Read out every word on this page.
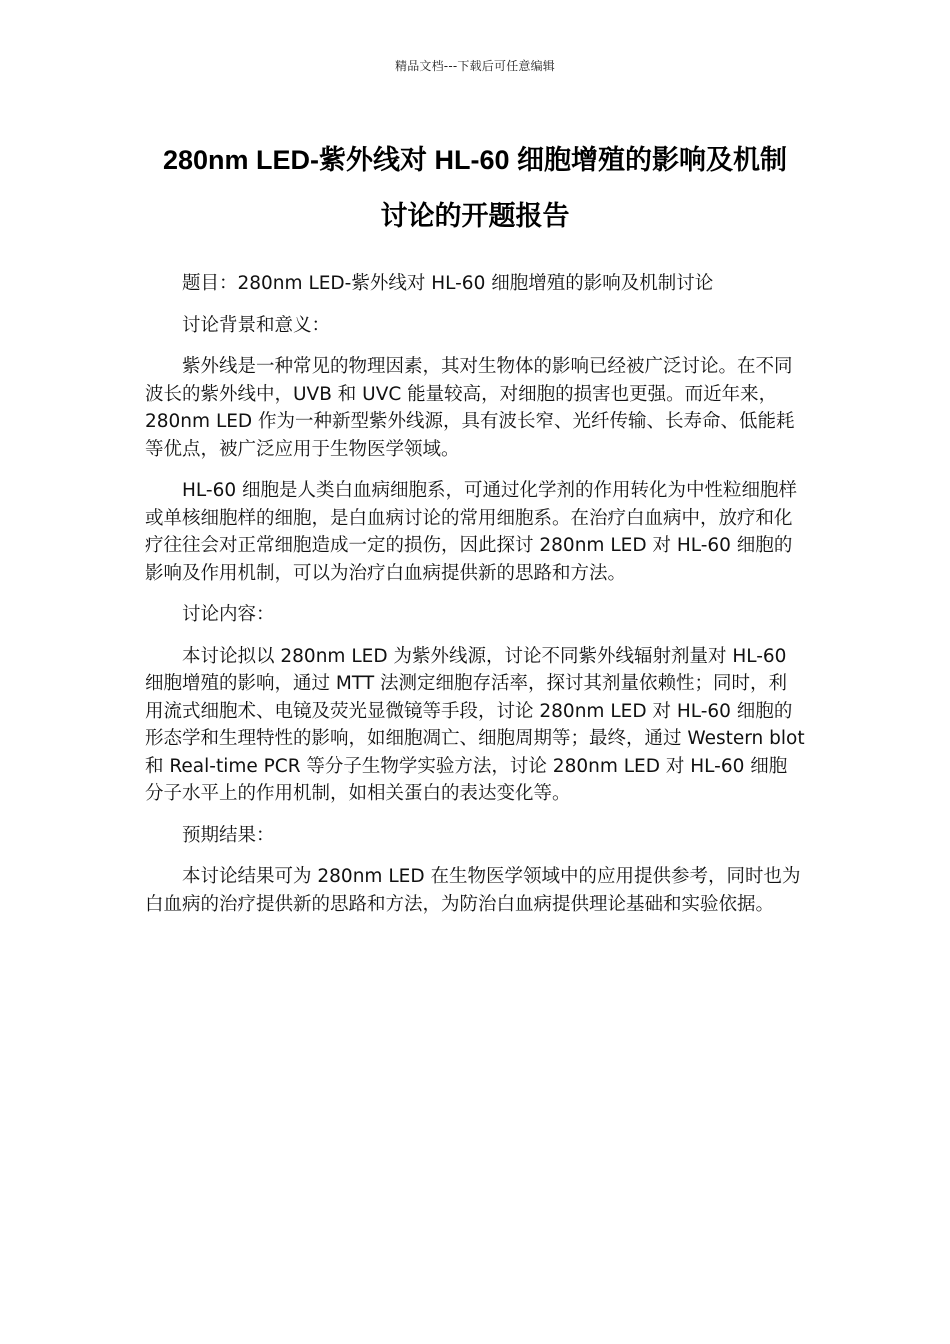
精品文档---下载后可任意编辑
280nm LED-紫外线对 HL-60 细胞增殖的影响及机制
讨论的开题报告

题目：280nm LED-紫外线对 HL-60 细胞增殖的影响及机制讨论

讨论背景和意义：

紫外线是一种常见的物理因素，其对生物体的影响已经被广泛讨论。在不同波长的紫外线中，UVB 和 UVC 能量较高，对细胞的损害也更强。而近年来，280nm LED 作为一种新型紫外线源，具有波长窄、光纤传输、长寿命、低能耗等优点，被广泛应用于生物医学领域。

HL-60 细胞是人类白血病细胞系，可通过化学剂的作用转化为中性粒细胞样或单核细胞样的细胞，是白血病讨论的常用细胞系。在治疗白血病中，放疗和化疗往往会对正常细胞造成一定的损伤，因此探讨 280nm LED 对 HL-60 细胞的影响及作用机制，可以为治疗白血病提供新的思路和方法。

讨论内容：

本讨论拟以 280nm LED 为紫外线源，讨论不同紫外线辐射剂量对 HL-60 细胞增殖的影响，通过 MTT 法测定细胞存活率，探讨其剂量依赖性；同时，利用流式细胞术、电镜及荧光显微镜等手段，讨论 280nm LED 对 HL-60 细胞的形态学和生理特性的影响，如细胞凋亡、细胞周期等；最终，通过 Western blot 和 Real-time PCR 等分子生物学实验方法，讨论 280nm LED 对 HL-60 细胞分子水平上的作用机制，如相关蛋白的表达变化等。

预期结果：

本讨论结果可为 280nm LED 在生物医学领域中的应用提供参考，同时也为白血病的治疗提供新的思路和方法，为防治白血病提供理论基础和实验依据。
